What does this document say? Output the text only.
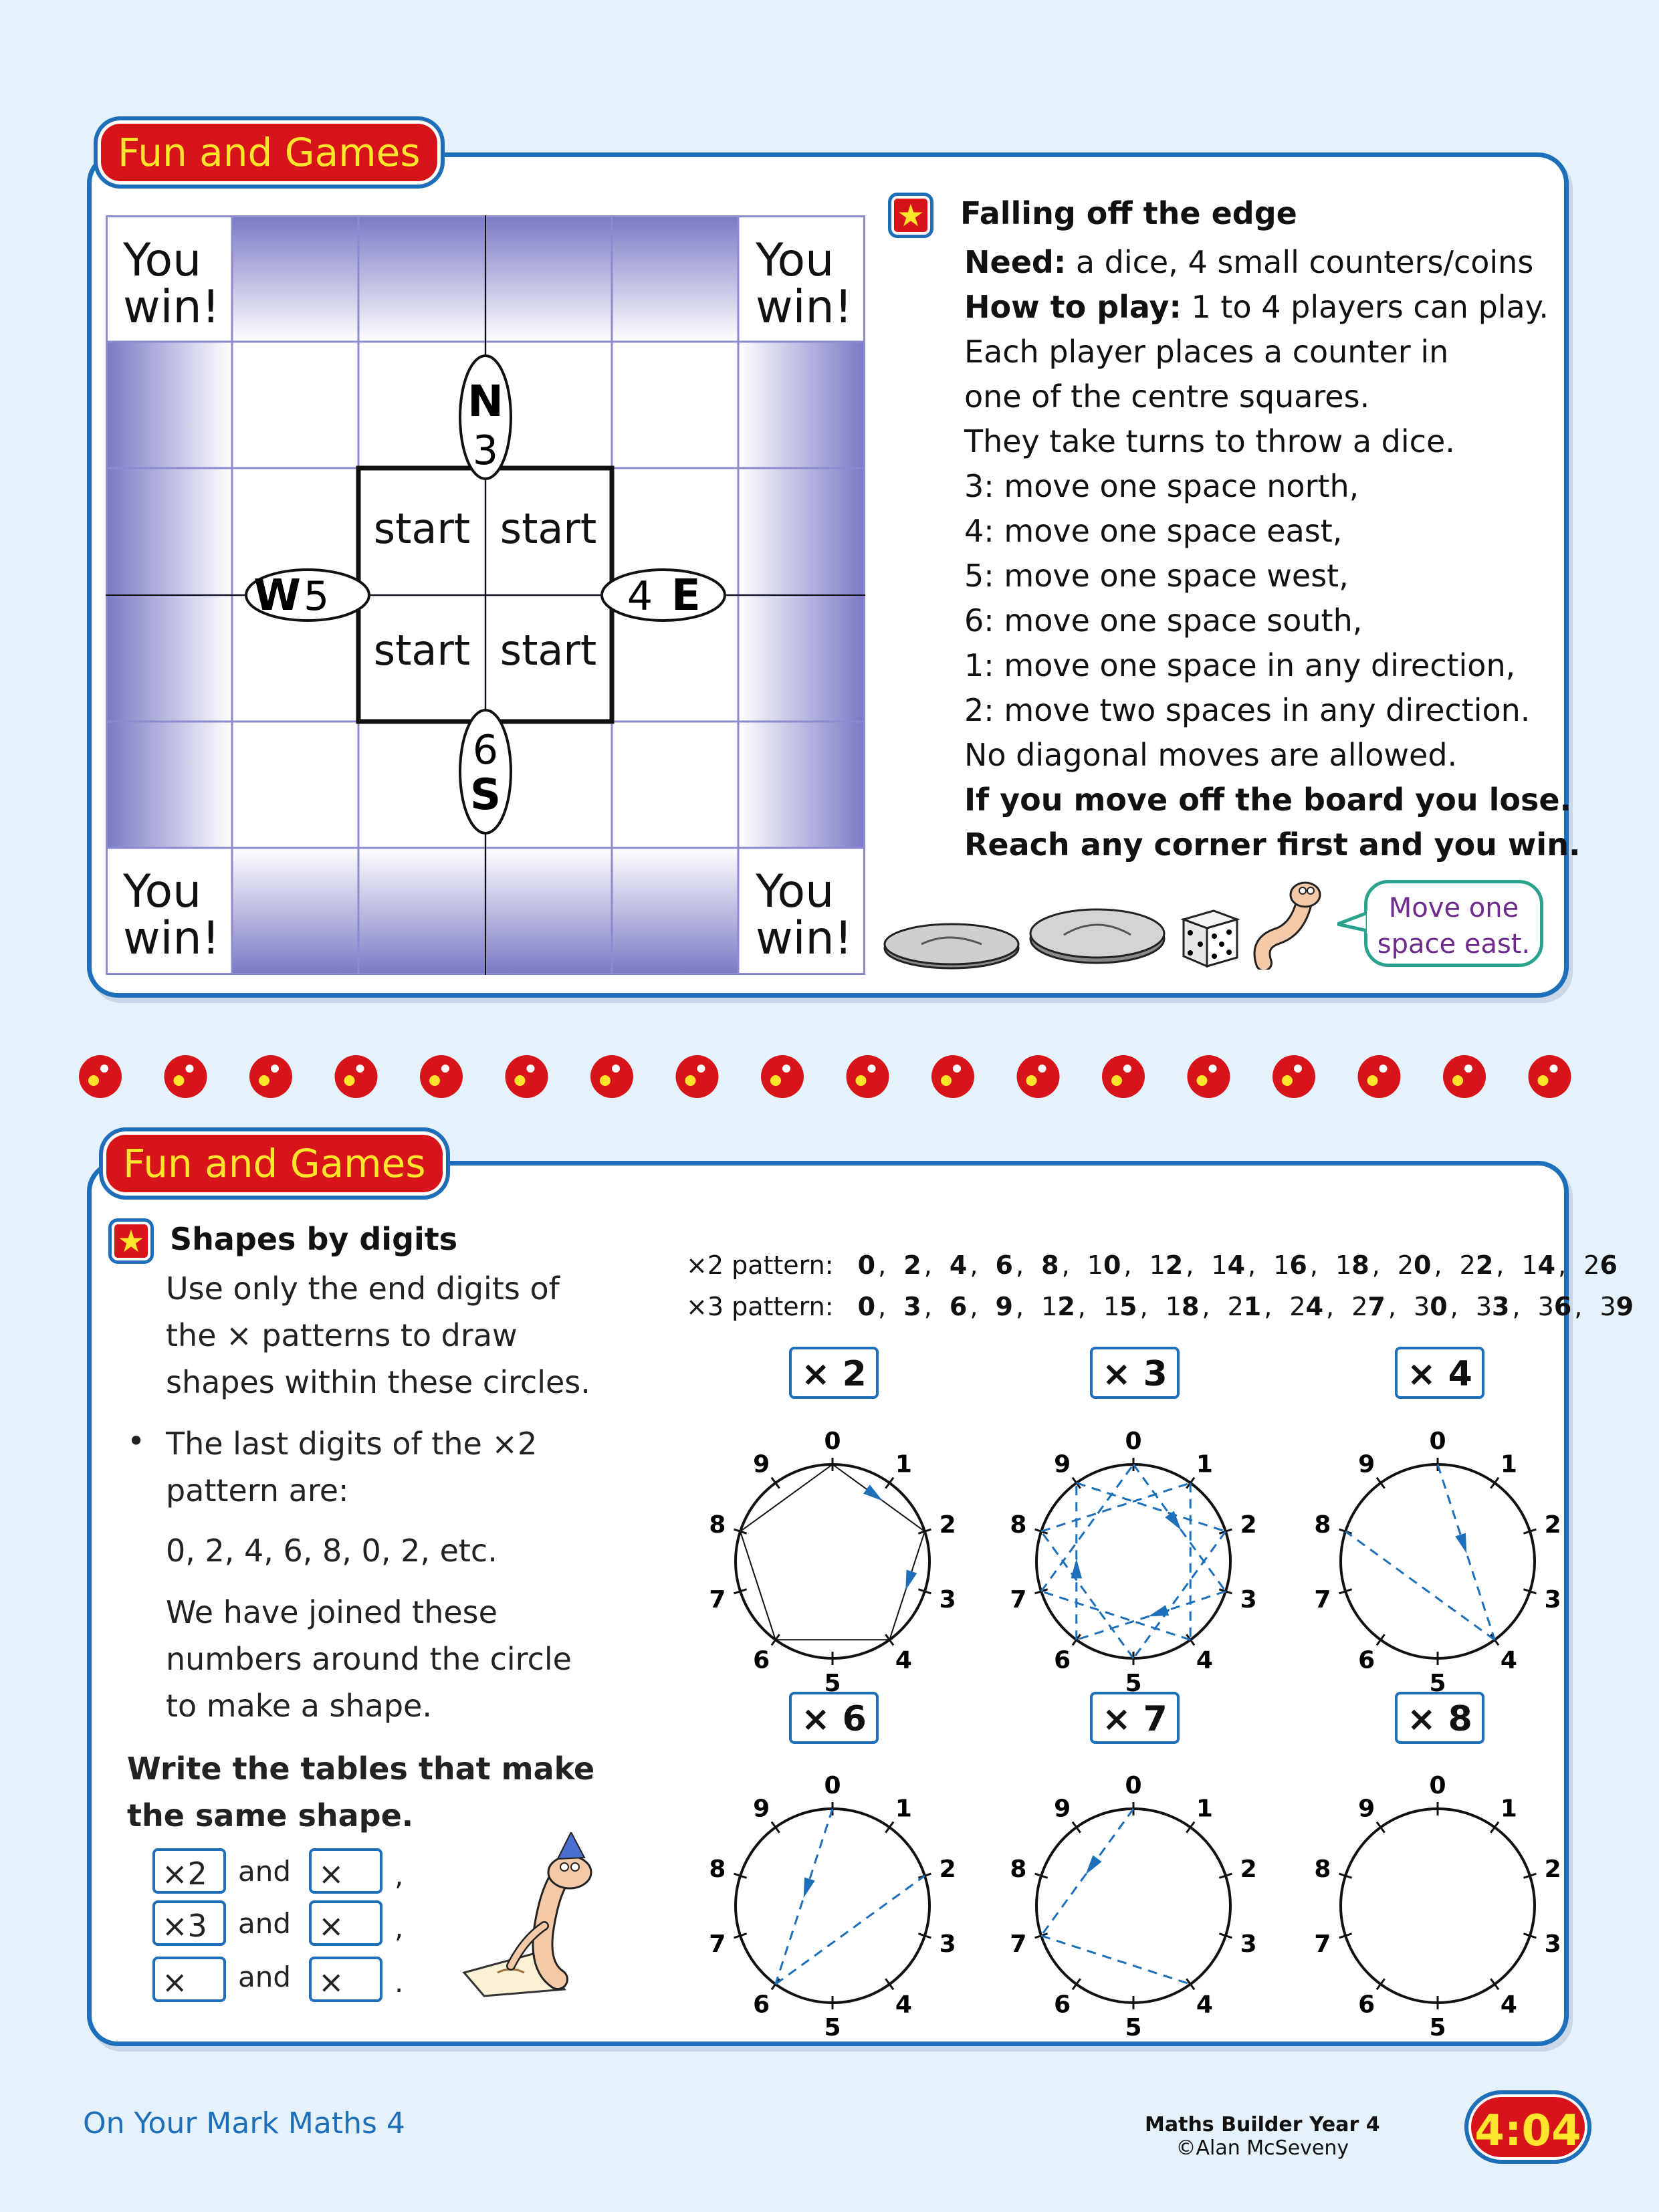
Fun and Games
You
win!
You
win!
You
win!
You
win!
start start
start start
N
3
6
S
W 5	4 E
★ Falling off the edge
Need: a dice, 4 small counters/coins
How to play: 1 to 4 players can play.
Each player places a counter in
one of the centre squares.
They take turns to throw a dice.
3: move one space north,
4: move one space east,
5: move one space west,
6: move one space south,
1: move one space in any direction,
2: move two spaces in any direction.
No diagonal moves are allowed.
If you move off the board you lose.
Reach any corner first and you win.
Move one
space east.
Fun and Games
★ Shapes by digits
Use only the end digits of
the × patterns to draw
shapes within these circles.
• The last digits of the ×2
pattern are:
0, 2, 4, 6, 8, 0, 2, etc.
We have joined these
numbers around the circle
to make a shape.
Write the tables that make
the same shape.
×2	and ×	,
×3	and ×	,
×	and ×	.
×2 pattern: 0 , 2 , 4 , 6 , 8 , 10 , 12 , 14 , 16 , 18 , 20 , 22 , 14 , 26
×3 pattern: 0 , 3 , 6 , 9 , 12 , 15 , 18 , 21 , 24 , 27 , 30 , 33 , 36 , 39
× 2	× 3	× 4
× 6	× 7	× 8
0
1
2
3
4
5
6
7
8
9
0
1
2
3
4
5
6
7
8
9
0
1
2
3
4
5
6
7
8
9
0
1
2
3
4
5
6
7
8
9
0
1
2
3
4
5
6
7
8
9
0
1
2
3
4
5
6
7
8
9
On Your Mark Maths 4	Maths Builder Year 4
©Alan McSeveny	4:04
